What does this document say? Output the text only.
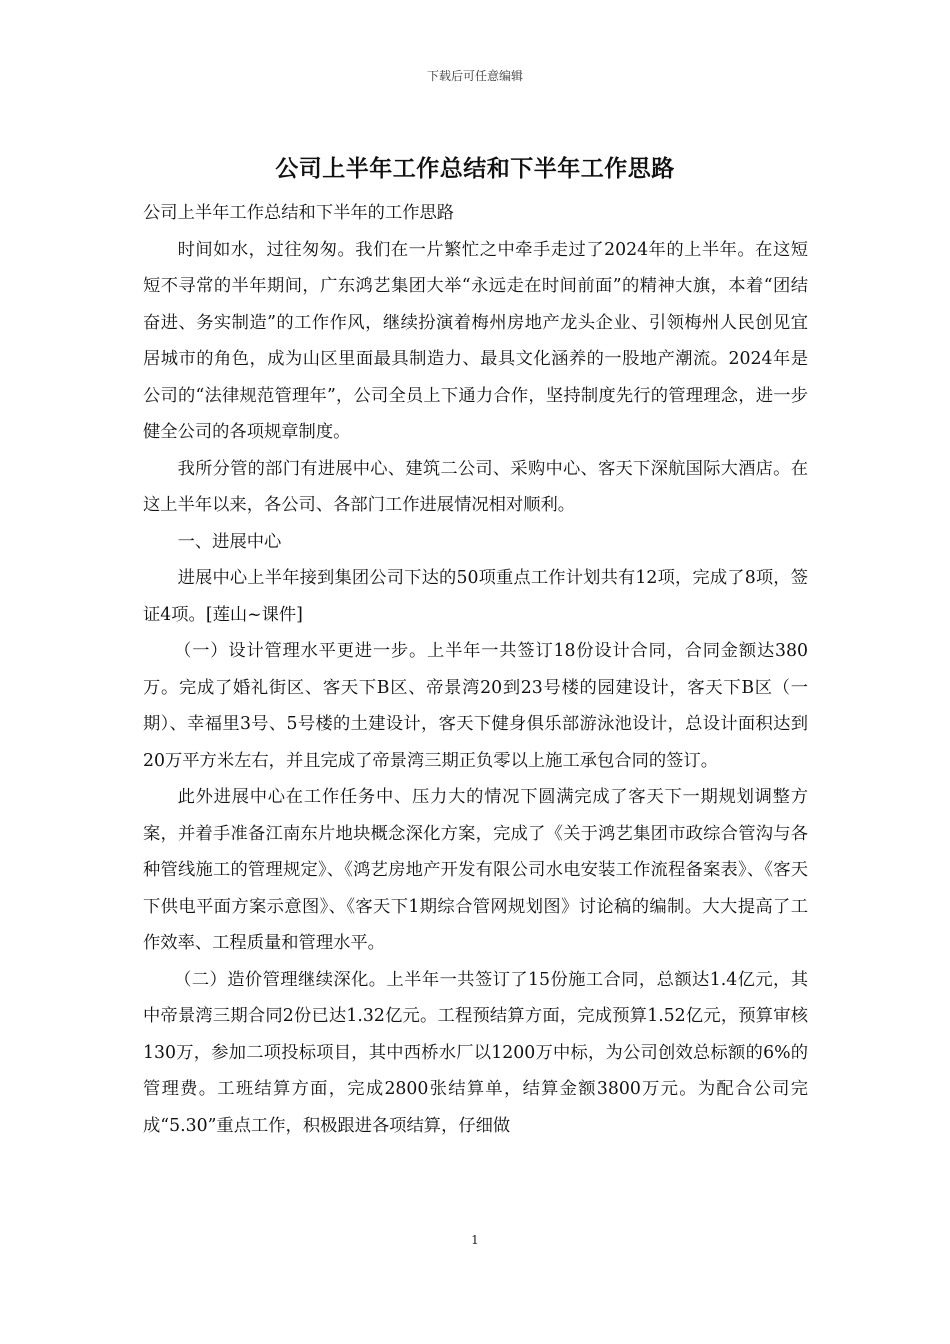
下载后可任意编辑
公司上半年工作总结和下半年工作思路

公司上半年工作总结和下半年的工作思路

时间如水，过往匆匆。我们在一片繁忙之中牵手走过了2024年的上半年。在这短短不寻常的半年期间，广东鸿艺集团大举“永远走在时间前面”的精神大旗，本着“团结奋进、务实制造”的工作作风，继续扮演着梅州房地产龙头企业、引领梅州人民创见宜居城市的角色，成为山区里面最具制造力、最具文化涵养的一股地产潮流。2024年是公司的“法律规范管理年”，公司全员上下通力合作，坚持制度先行的管理理念，进一步健全公司的各项规章制度。

我所分管的部门有进展中心、建筑二公司、采购中心、客天下深航国际大酒店。在这上半年以来，各公司、各部门工作进展情况相对顺利。

一、进展中心

进展中心上半年接到集团公司下达的50项重点工作计划共有12项，完成了8项，签证4项。[莲山~课件]

（一）设计管理水平更进一步。上半年一共签订18份设计合同，合同金额达380万。完成了婚礼街区、客天下B区、帝景湾20到23号楼的园建设计，客天下B区（一期）、幸福里3号、5号楼的土建设计，客天下健身俱乐部游泳池设计，总设计面积达到20万平方米左右，并且完成了帝景湾三期正负零以上施工承包合同的签订。

此外进展中心在工作任务中、压力大的情况下圆满完成了客天下一期规划调整方案，并着手准备江南东片地块概念深化方案，完成了《关于鸿艺集团市政综合管沟与各种管线施工的管理规定》、《鸿艺房地产开发有限公司水电安装工作流程备案表》、《客天下供电平面方案示意图》、《客天下1期综合管网规划图》讨论稿的编制。大大提高了工作效率、工程质量和管理水平。

（二）造价管理继续深化。上半年一共签订了15份施工合同，总额达1.4亿元，其中帝景湾三期合同2份已达1.32亿元。工程预结算方面，完成预算1.52亿元，预算审核130万，参加二项投标项目，其中西桥水厂以1200万中标，为公司创效总标额的6%的管理费。工班结算方面，完成2800张结算单，结算金额3800万元。为配合公司完成“5.30”重点工作，积极跟进各项结算，仔细做

1
